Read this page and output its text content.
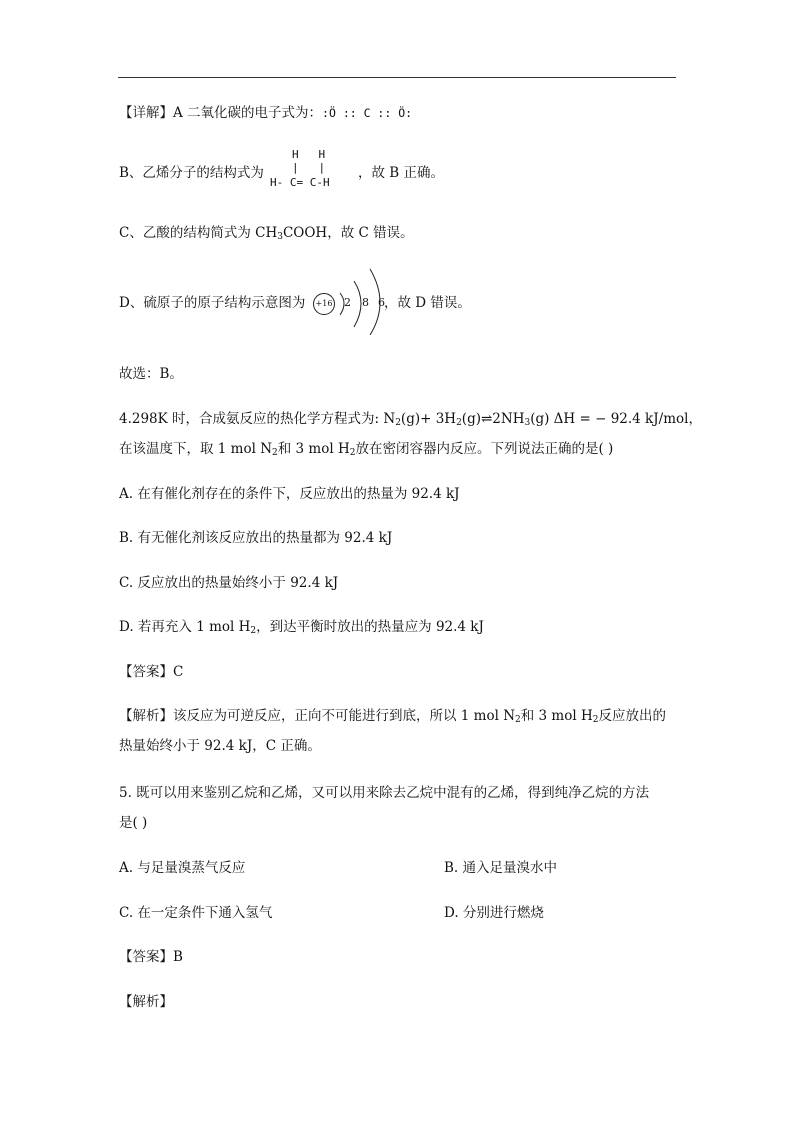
【详解】A 二氧化碳的电子式为：:Ö :: C :: Ö:
B、乙烯分子的结构式为
H   H
|   |
H- C= C-H
，故 B 正确。
C、乙酸的结构简式为 $CH_3COOH$，故 C 错误。
D、硫原子的原子结构示意图为	+16 2 8 6 ，故 D 错误。
故选：B。
4.298K 时，合成氨反应的热化学方程式为: $N_2(g)+$ $3H_2(g)\rightleftharpoons 2NH_3(g) \Delta H$ = − 92.4 kJ/mol，
在该温度下，取 1 mol $N_2$和 3 mol $H_2$放在密闭容器内反应。下列说法正确的是( )
A. 在有催化剂存在的条件下，反应放出的热量为 92.4 kJ
B. 有无催化剂该反应放出的热量都为 92.4 kJ
C. 反应放出的热量始终小于 92.4 kJ
D. 若再充入 1 mol $H_2$，到达平衡时放出的热量应为 92.4 kJ
【答案】C
【解析】该反应为可逆反应，正向不可能进行到底，所以 1 mol $N_2$和 3 mol $H_2$反应放出的
热量始终小于 92.4 kJ，C 正确。
5. 既可以用来鉴别乙烷和乙烯，又可以用来除去乙烷中混有的乙烯，得到纯净乙烷的方法
是( )
A. 与足量溴蒸气反应	B. 通入足量溴水中
C. 在一定条件下通入氢气	D. 分别进行燃烧
【答案】B
【解析】
